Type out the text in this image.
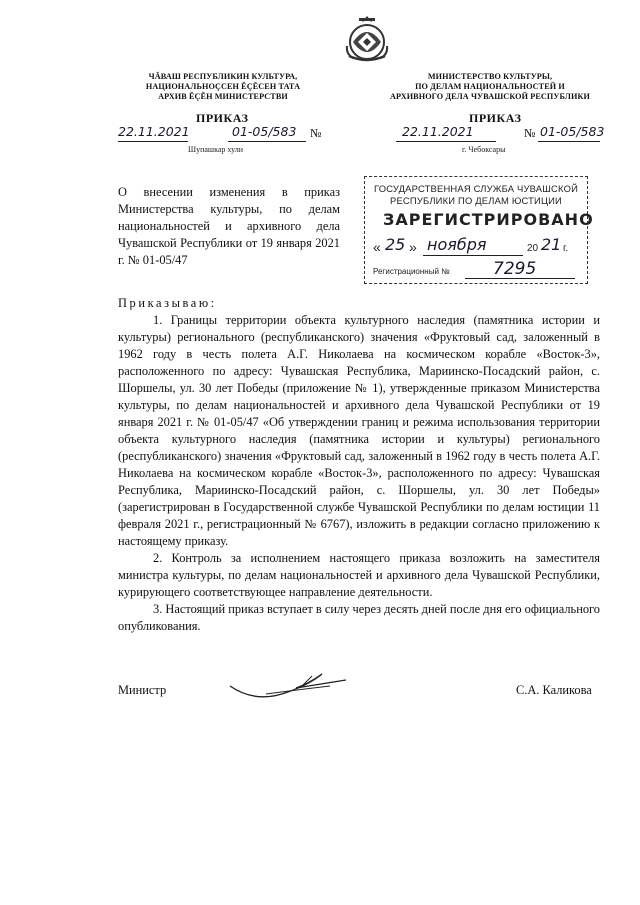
ЧĂВАШ РЕСПУБЛИКИН КУЛЬТУРА,
НАЦИОНАЛЬНОÇСЕН ĔÇĔСЕН ТАТА
АРХИВ ĔÇĔН МИНИСТЕРСТВИ
МИНИСТЕРСТВО КУЛЬТУРЫ,
ПО ДЕЛАМ НАЦИОНАЛЬНОСТЕЙ И
АРХИВНОГО ДЕЛА ЧУВАШСКОЙ РЕСПУБЛИКИ
ПРИКАЗ	ПРИКАЗ
22.11.2021	01-05/583 №
Шупашкар хули
22.11.2021	№ 01-05/583
г. Чебоксары
О внесении изменения в приказ Министерства культуры, по делам национальностей и архивного дела Чувашской Республики от 19 января 2021 г. № 01-05/47
ГОСУДАРСТВЕННАЯ СЛУЖБА ЧУВАШСКОЙ
РЕСПУБЛИКИ ПО ДЕЛАМ ЮСТИЦИИ
ЗАРЕГИСТРИРОВАНО
« 25 » ноября	20 21 г.
Регистрационный №	7295

Приказываю:

1. Границы территории объекта культурного наследия (памятника истории и культуры) регионального (республиканского) значения «Фруктовый сад, заложенный в 1962 году в честь полета А.Г. Николаева на космическом корабле «Восток-3», расположенного по адресу: Чувашская Республика, Мариинско-Посадский район, с. Шоршелы, ул. 30 лет Победы (приложение № 1), утвержденные приказом Министерства культуры, по делам национальностей и архивного дела Чувашской Республики от 19 января 2021 г. № 01-05/47 «Об утверждении границ и режима использования территории объекта культурного наследия (памятника истории и культуры) регионального (республиканского) значения «Фруктовый сад, заложенный в 1962 году в честь полета А.Г. Николаева на космическом корабле «Восток-3», расположенного по адресу: Чувашская Республика, Мариинско-Посадский район, с. Шоршелы, ул. 30 лет Победы» (зарегистрирован в Государственной службе Чувашской Республики по делам юстиции 11 февраля 2021 г., регистрационный № 6767), изложить в редакции согласно приложению к настоящему приказу.

2. Контроль за исполнением настоящего приказа возложить на заместителя министра культуры, по делам национальностей и архивного дела Чувашской Республики, курирующего соответствующее направление деятельности.

3. Настоящий приказ вступает в силу через десять дней после дня его официального опубликования.

Министр	С.А. Каликова
